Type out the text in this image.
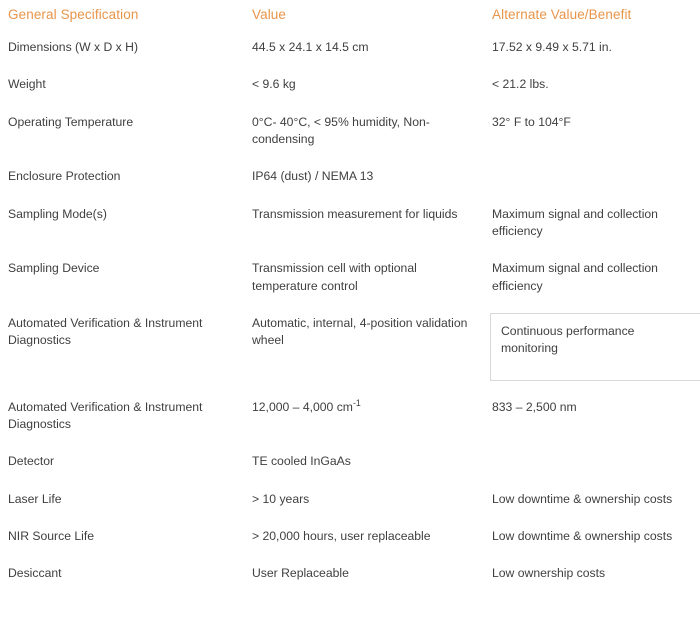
General Specification	Value	Alternate Value/Benefit
Dimensions (W x D x H)	44.5 x 24.1 x 14.5 cm	17.52 x 9.49 x 5.71 in.
Weight	< 9.6 kg	< 21.2 lbs.
Operating Temperature	0°C- 40°C, < 95% humidity, Non-condensing	32° F to 104°F
Enclosure Protection	IP64 (dust) / NEMA 13	
Sampling Mode(s)	Transmission measurement for liquids	Maximum signal and collection efficiency
Sampling Device	Transmission cell with optional temperature control	Maximum signal and collection efficiency
Automated Verification & Instrument Diagnostics	Automatic, internal, 4-position validation wheel	Continuous performance monitoring

Automated Verification & Instrument Diagnostics	12,000 – 4,000 $cm^{-1}$	833 – 2,500 nm
Detector	TE cooled InGaAs	
Laser Life	> 10 years	Low downtime & ownership costs
NIR Source Life	> 20,000 hours, user replaceable	Low downtime & ownership costs
Desiccant	User Replaceable	Low ownership costs
